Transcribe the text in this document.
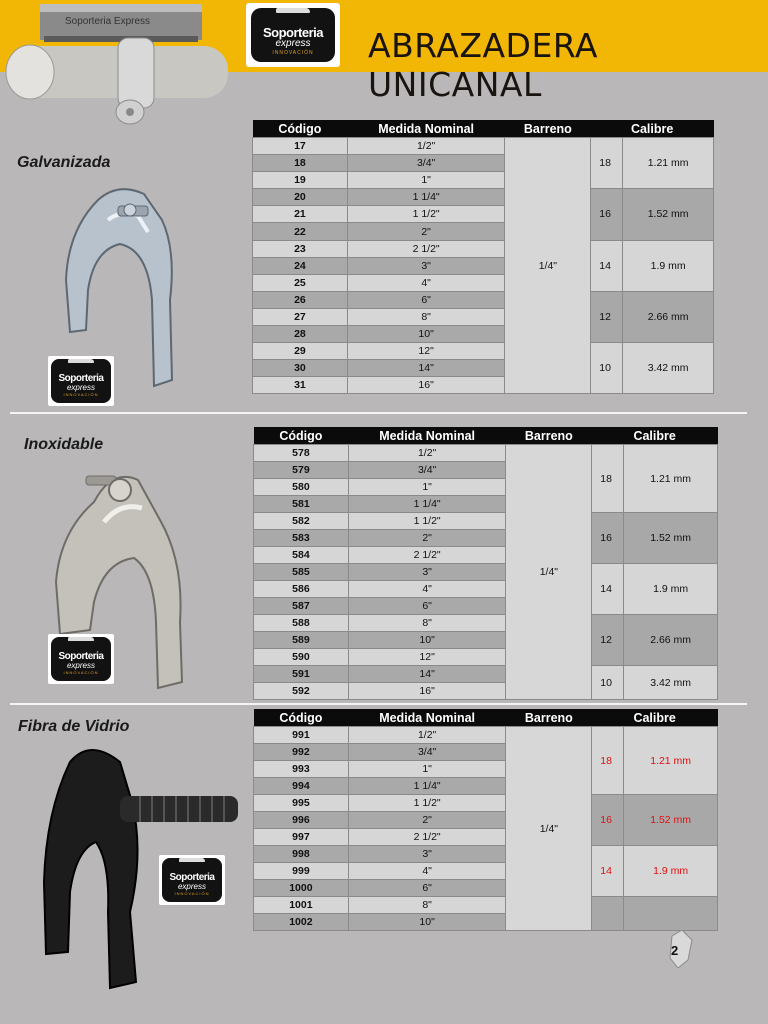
Soporteria Express
Soporteria
express
INNOVACIÓN	ABRAZADERA UNICANAL
Galvanizada
Inoxidable
Fibra de Vidrio
Soporteria
express
INNOVACIÓN
Soporteria
express
INNOVACIÓN
Soporteria
express
INNOVACIÓN
Código	Medida Nominal	Barreno	Calibre	
17	1/2"	1/4"	18	1.21 mm
18	3/4"			
19	1"			
20	1 1/4"		16	1.52 mm
21	1 1/2"			
22	2"			
23	2 1/2"		14	1.9 mm
24	3"			
25	4"			
26	6"		12	2.66 mm
27	8"			
28	10"			
29	12"		10	3.42 mm
30	14"			
31	16"			
Código	Medida Nominal	Barreno	Calibre	
578	1/2"	1/4"	18	1.21 mm
579	3/4"			
580	1"			
581	1 1/4"			
582	1 1/2"		16	1.52 mm
583	2"			
584	2 1/2"			
585	3"		14	1.9 mm
586	4"			
587	6"			
588	8"		12	2.66 mm
589	10"			
590	12"			
591	14"		10	3.42 mm
592	16"			
Código	Medida Nominal	Barreno	Calibre	
991	1/2"	1/4"	18	1.21 mm
992	3/4"			
993	1"			
994	1 1/4"			
995	1 1/2"		16	1.52 mm
996	2"			
997	2 1/2"			
998	3"		14	1.9 mm
999	4"			
1000	6"			
1001	8"			
1002	10"			
2
